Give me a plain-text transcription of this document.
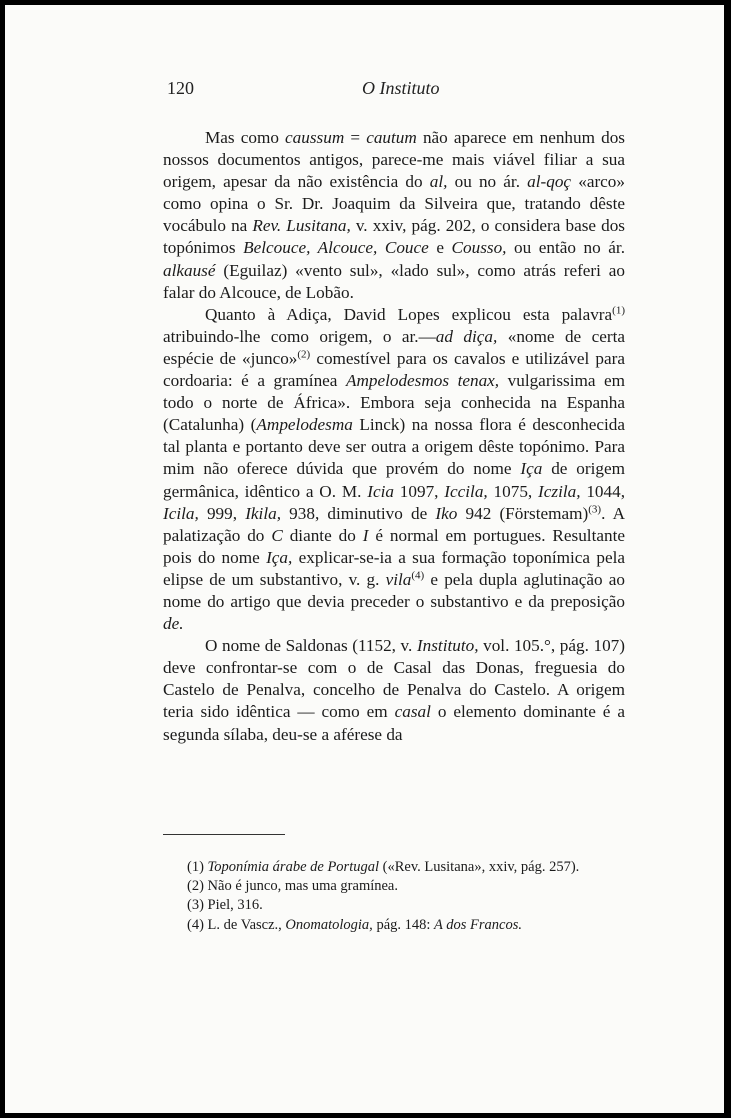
120	O Instituto

Mas como caussum = cautum não aparece em nenhum dos nossos documentos antigos, parece-me mais viável filiar a sua origem, apesar da não existência do al, ou no ár. al-qoç «arco» como opina o Sr. Dr. Joaquim da Silveira que, tratando dêste vocábulo na Rev. Lusitana, v. xxiv, pág. 202, o considera base dos topónimos Belcouce, Alcouce, Couce e Cousso, ou então no ár. alkausé (Eguilaz) «vento sul», «lado sul», como atrás referi ao falar do Alcouce, de Lobão.

Quanto à Adiça, David Lopes explicou esta palavra$^{(1)}$ atribuindo-lhe como origem, o ar.—ad diça, «nome de certa espécie de «junco»$^{(2)}$ comestível para os cavalos e utilizável para cordoaria: é a gramínea Ampelodesmos tenax, vulgarissima em todo o norte de África». Embora seja conhecida na Espanha (Catalunha) (Ampelodesma Linck) na nossa flora é desconhecida tal planta e portanto deve ser outra a origem dêste topónimo. Para mim não oferece dúvida que provém do nome Iça de origem germânica, idêntico a O. M. Icia 1097, Iccila, 1075, Iczila, 1044, Icila, 999, Ikila, 938, diminutivo de Iko 942 (Förstemam)$^{(3)}$. A palatização do C diante do I é normal em portugues. Resultante pois do nome Iça, explicar-se-ia a sua formação toponímica pela elipse de um substantivo, v. g. vila$^{(4)}$ e pela dupla aglutinação ao nome do artigo que devia preceder o substantivo e da preposição de.

O nome de Saldonas (1152, v. Instituto, vol. 105.°, pág. 107) deve confrontar-se com o de Casal das Donas, freguesia do Castelo de Penalva, concelho de Penalva do Castelo. A origem teria sido idêntica — como em casal o elemento dominante é a segunda sílaba, deu-se a aférese da

(1) Toponímia árabe de Portugal («Rev. Lusitana», xxiv, pág. 257).

(2) Não é junco, mas uma gramínea.

(3) Piel, 316.

(4) L. de Vascz., Onomatologia, pág. 148: A dos Francos.
